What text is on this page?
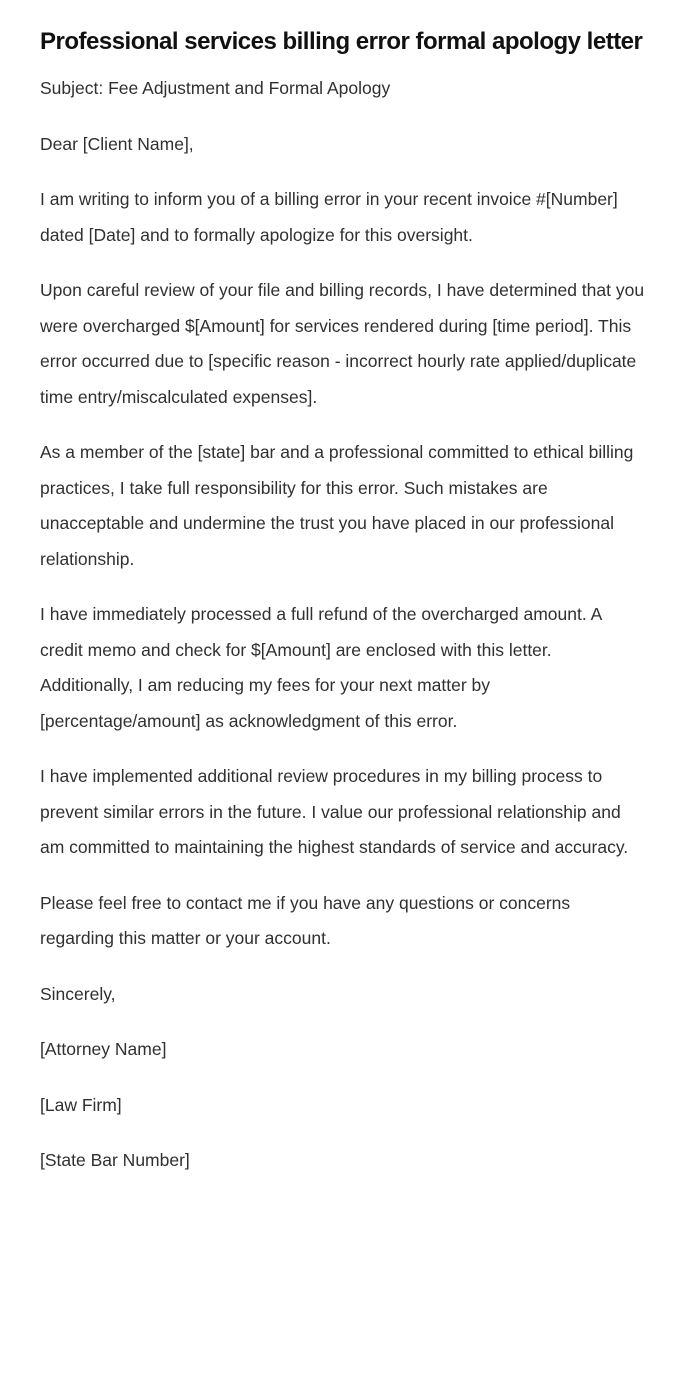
Professional services billing error formal apology letter

Subject: Fee Adjustment and Formal Apology

Dear [Client Name],

I am writing to inform you of a billing error in your recent invoice #[Number] dated [Date] and to formally apologize for this oversight.

Upon careful review of your file and billing records, I have determined that you were overcharged $[Amount] for services rendered during [time period]. This error occurred due to [specific reason - incorrect hourly rate applied/duplicate time entry/miscalculated expenses].

As a member of the [state] bar and a professional committed to ethical billing practices, I take full responsibility for this error. Such mistakes are unacceptable and undermine the trust you have placed in our professional relationship.

I have immediately processed a full refund of the overcharged amount. A credit memo and check for $[Amount] are enclosed with this letter. Additionally, I am reducing my fees for your next matter by [percentage/amount] as acknowledgment of this error.

I have implemented additional review procedures in my billing process to prevent similar errors in the future. I value our professional relationship and am committed to maintaining the highest standards of service and accuracy.

Please feel free to contact me if you have any questions or concerns regarding this matter or your account.

Sincerely,

[Attorney Name]

[Law Firm]

[State Bar Number]
